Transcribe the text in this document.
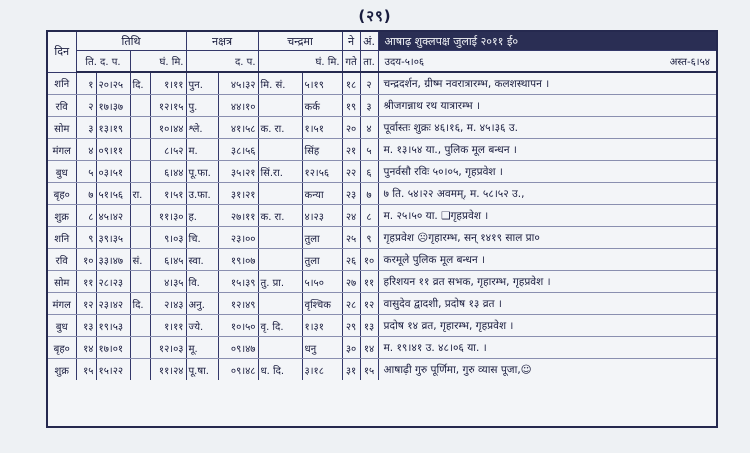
(२९)
दिन	तिथि				नक्षत्र		चन्द्रमा		ने	अं.	आषाढ़ शुक्लपक्ष जुलाई २०११ ई०
	ति. द. प.		घं. मि.		द. प.		घं. मि.		गते	ता.	उदय-५।०६ अस्त-६।५४

शनि	१	२०।२५	दि.	१।११	पुन.	४५।३२	मि. सं.	५।१९	१८	२	चन्द्रदर्शन, ग्रीष्म नवरात्रारम्भ, कलशस्थापन ।
रवि	२	१७।३७		१२।१५	पु.	४४।१०		कर्क	१९	३	श्रीजगन्नाथ रथ यात्रारम्भ ।
सोम	३	१३।१९		१०।४४	श्ले.	४१।५८	क. रा.	१।५१	२०	४	पूर्वास्तः शुक्रः ४६।१६, म. ४५।३६ उ.
मंगल	४	०९।११		८।५२	म.	३८।५६		सिंह	२१	५	म. १३।५४ या., पुलिक मूल बन्धन ।
बुध	५	०३।५१		६।४४	पू.फा.	३५।२१	सिं.रा.	१२।५६	२२	६	पुनर्वसौ रविः ५०।०५, गृहप्रवेश ।
बृह०	७	५१।५६	रा.	१।५१	उ.फा.	३१।२१		कन्या	२३	७	७ ति. ५४।२२ अवमम्, म. ५८।५२ उ.,
शुक्र	८	४५।४२		११।३०	ह.	२७।११	क. रा.	४।२३	२४	८	म. २५।५० या. ❑गृहप्रवेश ।
शनि	९	३९।३५		९।०३	चि.	२३।००		तुला	२५	९	गृहप्रवेश ☹गृहारम्भ, सन् १४१९ साल प्रा०
रवि	१०	३३।४७	सं.	६।४५	स्वा.	१९।०७		तुला	२६	१०	करमूले पुलिक मूल बन्धन ।
सोम	११	२८।२३		४।३५	वि.	१५।३९	तु. प्रा.	५।५०	२७	११	हरिशयन ११ व्रत सभक, गृहारम्भ, गृहप्रवेश ।
मंगल	१२	२३।४२	दि.	२।४३	अनु.	१२।४९		वृश्चिक	२८	१२	वासुदेव द्वादशी, प्रदोष १३ व्रत ।
बुध	१३	१९।५३		१।११	ज्ये.	१०।५०	वृ. दि.	१।३१	२९	१३	प्रदोष १४ व्रत, गृहारम्भ, गृहप्रवेश ।
बृह०	१४	१७।०१		१२।०३	मू.	०९।४७		धनु	३०	१४	म. १९।४१ उ. ४८।०६ या. ।
शुक्र	१५	१५।२२		११।२४	पू.षा.	०९।४८	ध. दि.	३।१८	३१	१५	आषाढ़ी गुरु पूर्णिमा, गुरु व्यास पूजा,☺
